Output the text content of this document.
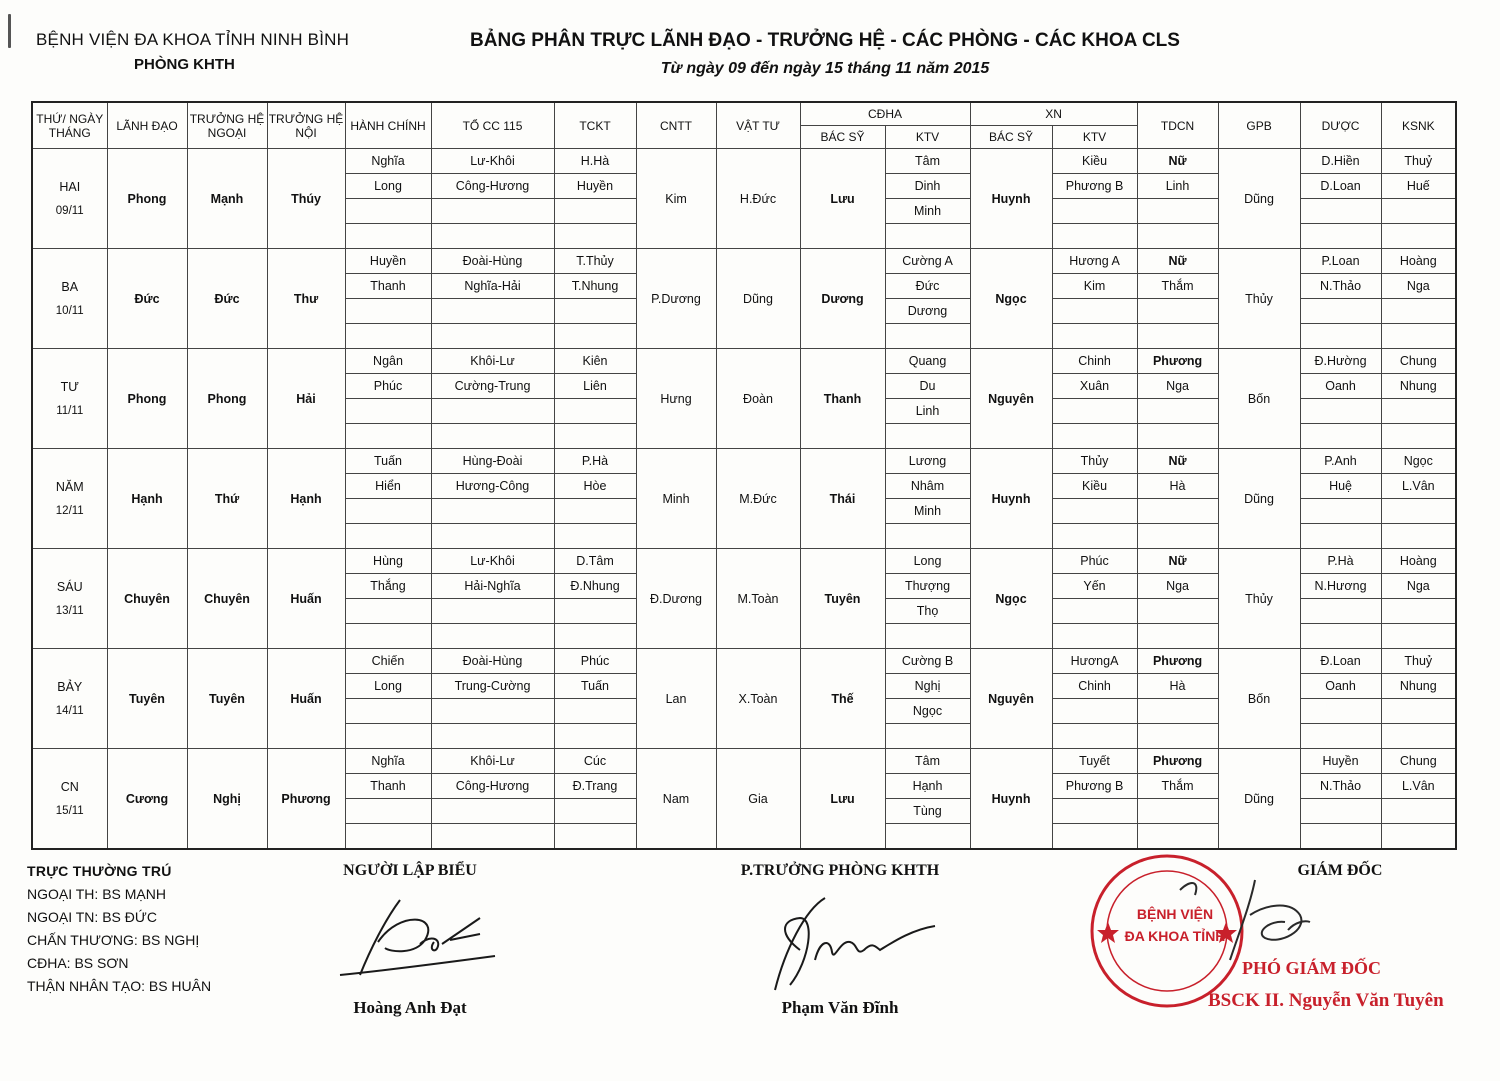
BỆNH VIỆN ĐA KHOA TỈNH NINH BÌNH
PHÒNG KHTH
BẢNG PHÂN TRỰC LÃNH ĐẠO - TRƯỞNG HỆ - CÁC PHÒNG - CÁC KHOA CLS
Từ ngày 09 đến ngày 15 tháng 11 năm 2015
THỨ/ NGÀY THÁNG	LÃNH ĐẠO	TRƯỞNG HỆ NGOẠI	TRƯỞNG HỆ NỘI	HÀNH CHÍNH	TỔ CC 115	TCKT	CNTT	VẬT TƯ	CĐHA		XN		TDCN	GPB	DƯỢC	KSNK
									BÁC SỸ	KTV	BÁC SỸ	KTV				

HAI
09/11	Phong	Mạnh	Thúy	Nghĩa	Lư-Khôi	H.Hà	Kim	H.Đức	Lưu	Tâm	Huynh	Kiều	Nữ	Dũng	D.Hiền	Thuỷ
				Long	Công-Hương	Huyền				Dinh		Phương B	Linh		D.Loan	Huế
										Minh						

BA
10/11	Đức	Đức	Thư	Huyền	Đoài-Hùng	T.Thủy	P.Dương	Dũng	Dương	Cường A	Ngọc	Hương A	Nữ	Thủy	P.Loan	Hoàng
				Thanh	Nghĩa-Hải	T.Nhung				Đức		Kim	Thắm		N.Thảo	Nga
										Dương						

TƯ
11/11	Phong	Phong	Hải	Ngân	Khôi-Lư	Kiên	Hưng	Đoàn	Thanh	Quang	Nguyên	Chinh	Phương	Bốn	Đ.Hường	Chung
				Phúc	Cường-Trung	Liên				Du		Xuân	Nga		Oanh	Nhung
										Linh						

NĂM
12/11	Hạnh	Thứ	Hạnh	Tuấn	Hùng-Đoài	P.Hà	Minh	M.Đức	Thái	Lương	Huynh	Thủy	Nữ	Dũng	P.Anh	Ngọc
				Hiển	Hương-Công	Hòe				Nhâm		Kiều	Hà		Huệ	L.Vân
										Minh						

SÁU
13/11	Chuyên	Chuyên	Huấn	Hùng	Lư-Khôi	D.Tâm	Đ.Dương	M.Toàn	Tuyên	Long	Ngọc	Phúc	Nữ	Thủy	P.Hà	Hoàng
				Thắng	Hải-Nghĩa	Đ.Nhung				Thượng		Yến	Nga		N.Hương	Nga
										Thọ						

BẢY
14/11	Tuyên	Tuyên	Huấn	Chiến	Đoài-Hùng	Phúc	Lan	X.Toàn	Thế	Cường B	Nguyên	HươngA	Phương	Bốn	Đ.Loan	Thuỷ
				Long	Trung-Cường	Tuấn				Nghị		Chinh	Hà		Oanh	Nhung
										Ngọc						

CN
15/11	Cương	Nghị	Phương	Nghĩa	Khôi-Lư	Cúc	Nam	Gia	Lưu	Tâm	Huynh	Tuyết	Phương	Dũng	Huyền	Chung
				Thanh	Công-Hương	Đ.Trang				Hạnh		Phương B	Thắm		N.Thảo	L.Vân
										Tùng						

TRỰC THƯỜNG TRÚ
NGOẠI TH: BS MẠNH
NGOẠI TN: BS ĐỨC
CHẤN THƯƠNG: BS NGHỊ
CĐHA: BS SƠN
THẬN NHÂN TẠO: BS HUÂN
NGƯỜI LẬP BIỂU
Hoàng Anh Đạt
P.TRƯỞNG PHÒNG KHTH
Phạm Văn Đĩnh
GIÁM ĐỐC
BỆNH VIỆN
ĐA KHOA TỈNH
PHÓ GIÁM ĐỐC
BSCK II. Nguyễn Văn Tuyên
